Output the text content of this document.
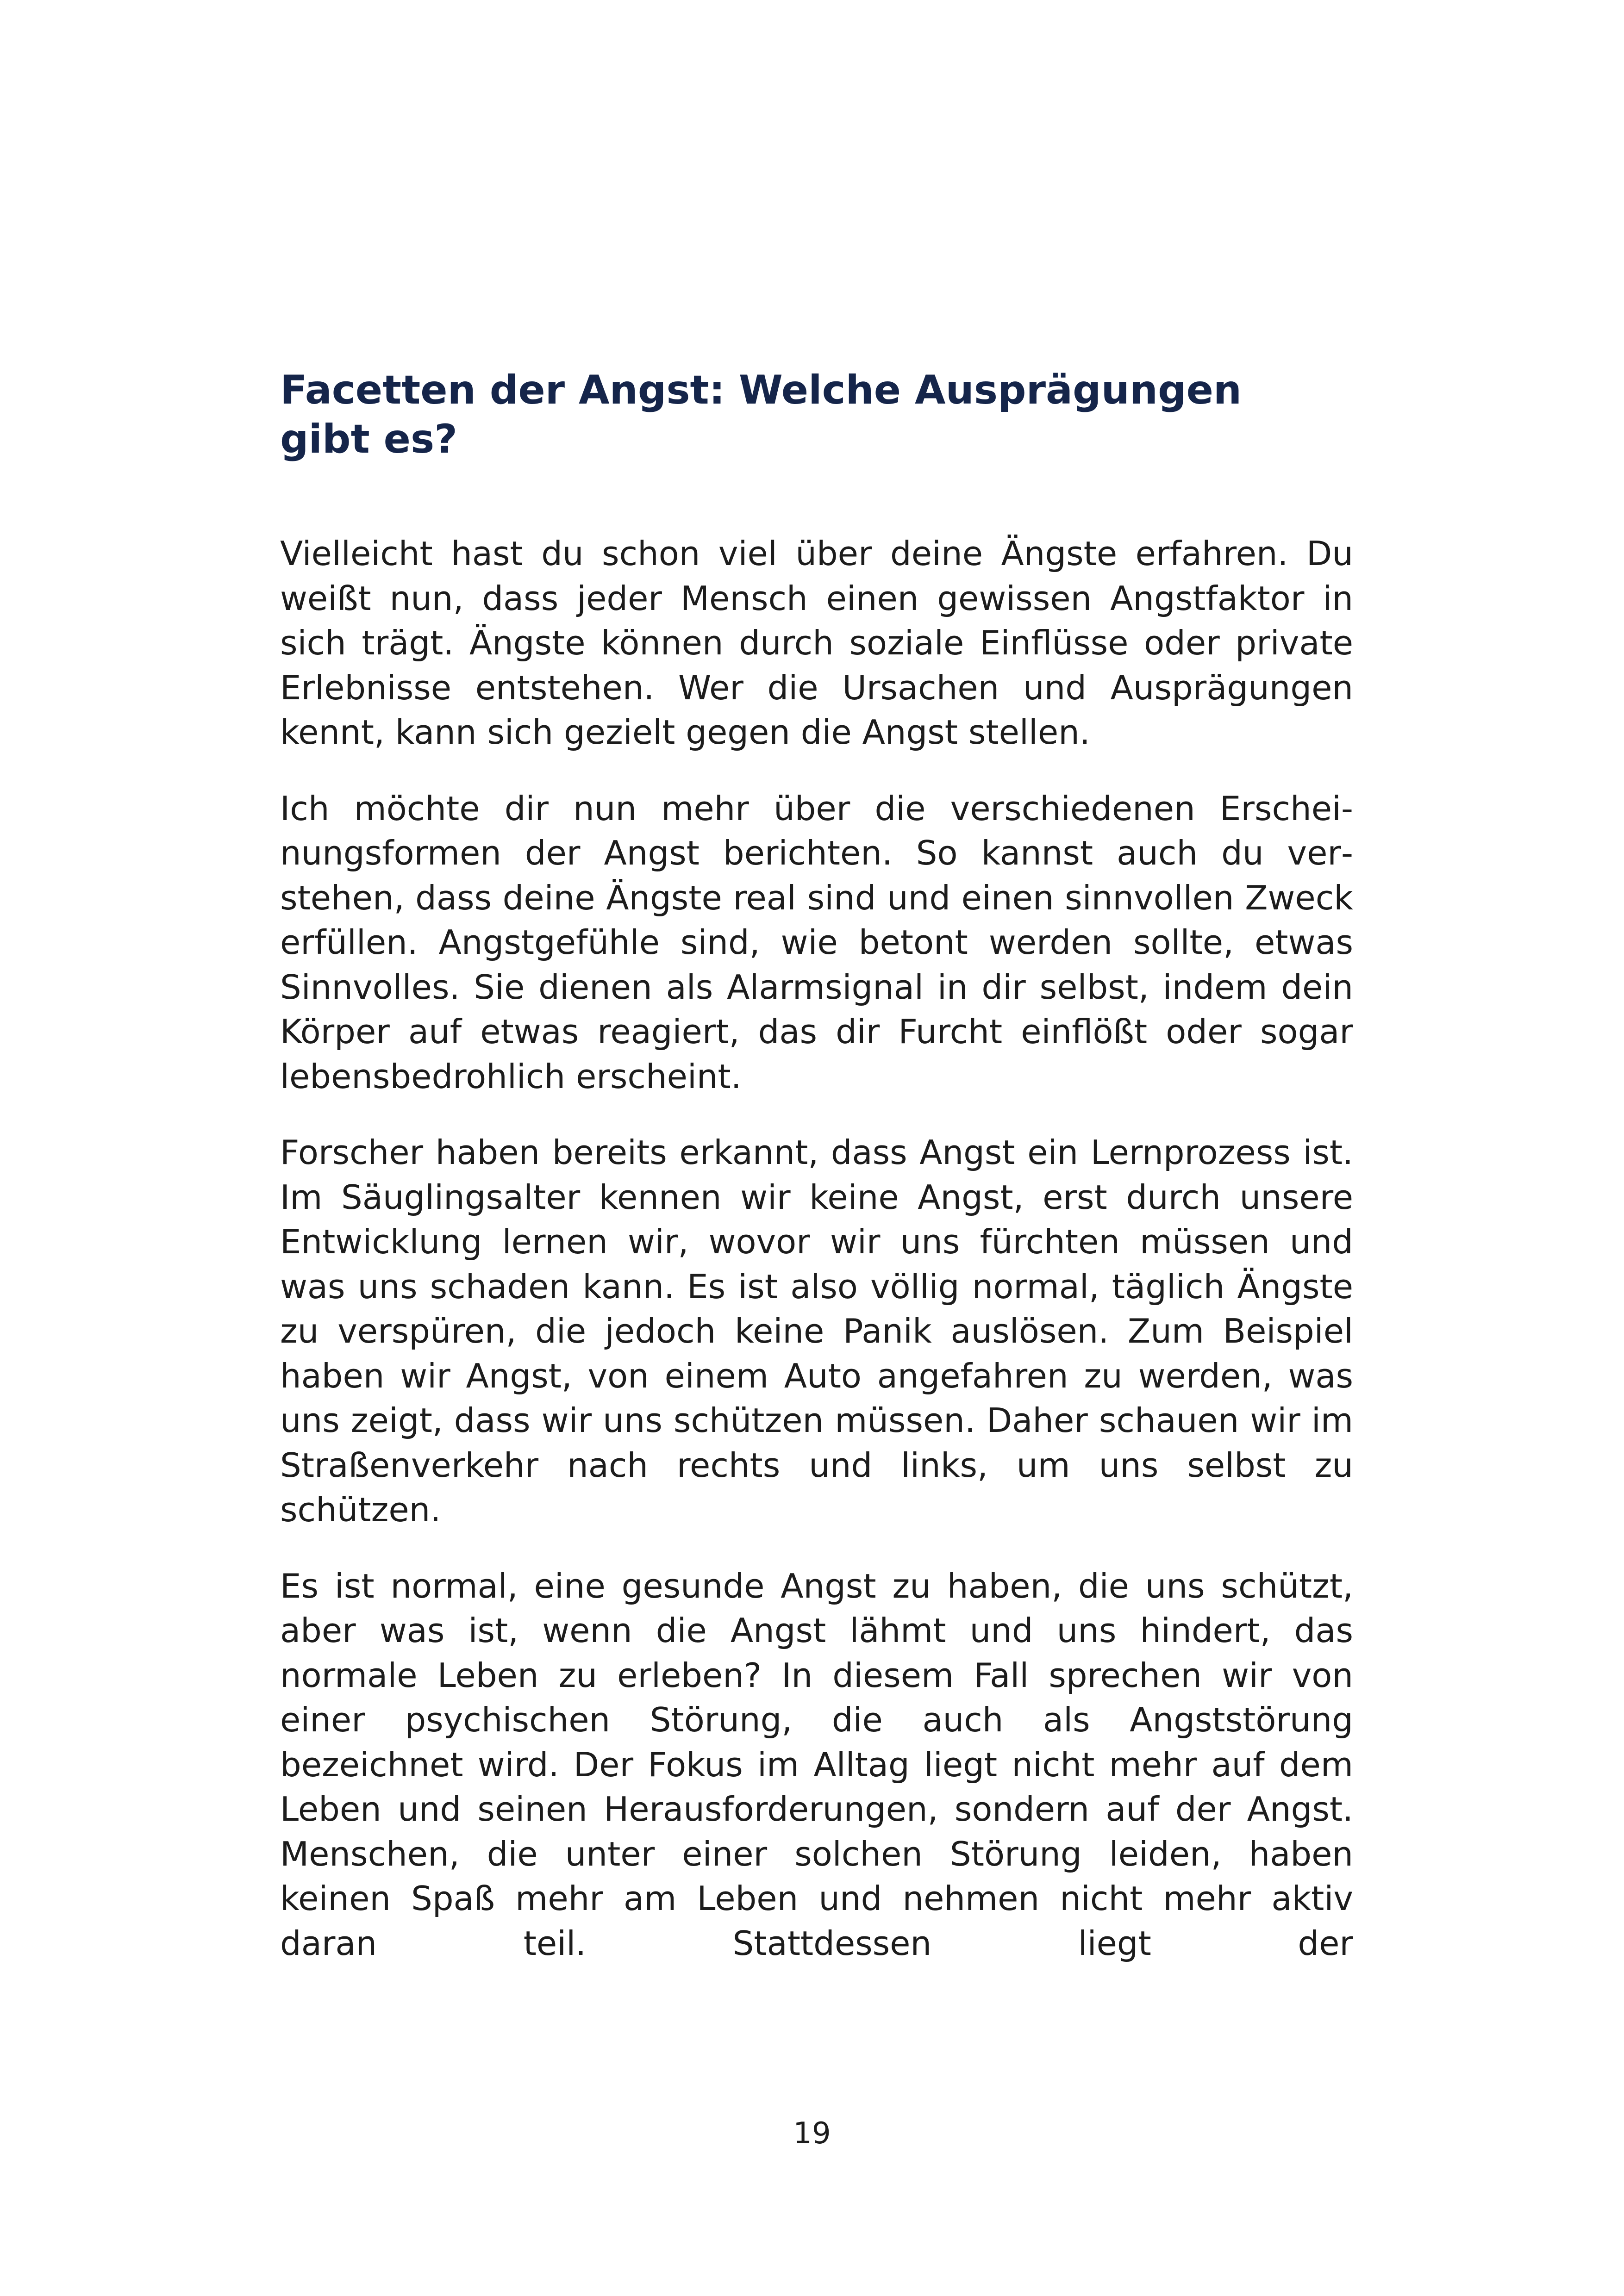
Facetten der Angst: Welche Ausprägungen
gibt es?

Vielleicht hast du schon viel über deine Ängste erfahren. Du weißt nun, dass jeder Mensch einen gewissen Angstfaktor in sich trägt. Ängste können durch soziale Einflüsse oder private Erlebnisse entstehen. Wer die Ursachen und Ausprägungen kennt, kann sich gezielt gegen die Angst stellen.

Ich möchte dir nun mehr über die verschiedenen Erscheinungsformen der Angst berichten. So kannst auch du verstehen, dass deine Ängste real sind und einen sinnvollen Zweck erfüllen. Angstgefühle sind, wie betont werden sollte, etwas Sinnvolles. Sie dienen als Alarmsignal in dir selbst, indem dein Körper auf etwas reagiert, das dir Furcht einflößt oder sogar lebensbedrohlich erscheint.

Forscher haben bereits erkannt, dass Angst ein Lernprozess ist. Im Säuglingsalter kennen wir keine Angst, erst durch unsere Entwicklung lernen wir, wovor wir uns fürchten müssen und was uns schaden kann. Es ist also völlig normal, täglich Ängste zu verspüren, die jedoch keine Panik auslösen. Zum Beispiel haben wir Angst, von einem Auto angefahren zu werden, was uns zeigt, dass wir uns schützen müssen. Daher schauen wir im Straßenverkehr nach rechts und links, um uns selbst zu schützen.

Es ist normal, eine gesunde Angst zu haben, die uns schützt, aber was ist, wenn die Angst lähmt und uns hindert, das normale Leben zu erleben? In diesem Fall sprechen wir von einer psychischen Störung, die auch als Angststörung bezeichnet wird. Der Fokus im Alltag liegt nicht mehr auf dem Leben und seinen Herausforderungen, sondern auf der Angst. Menschen, die unter einer solchen Störung leiden, haben keinen Spaß mehr am Leben und nehmen nicht mehr aktiv daran teil. Stattdessen liegt der

19
